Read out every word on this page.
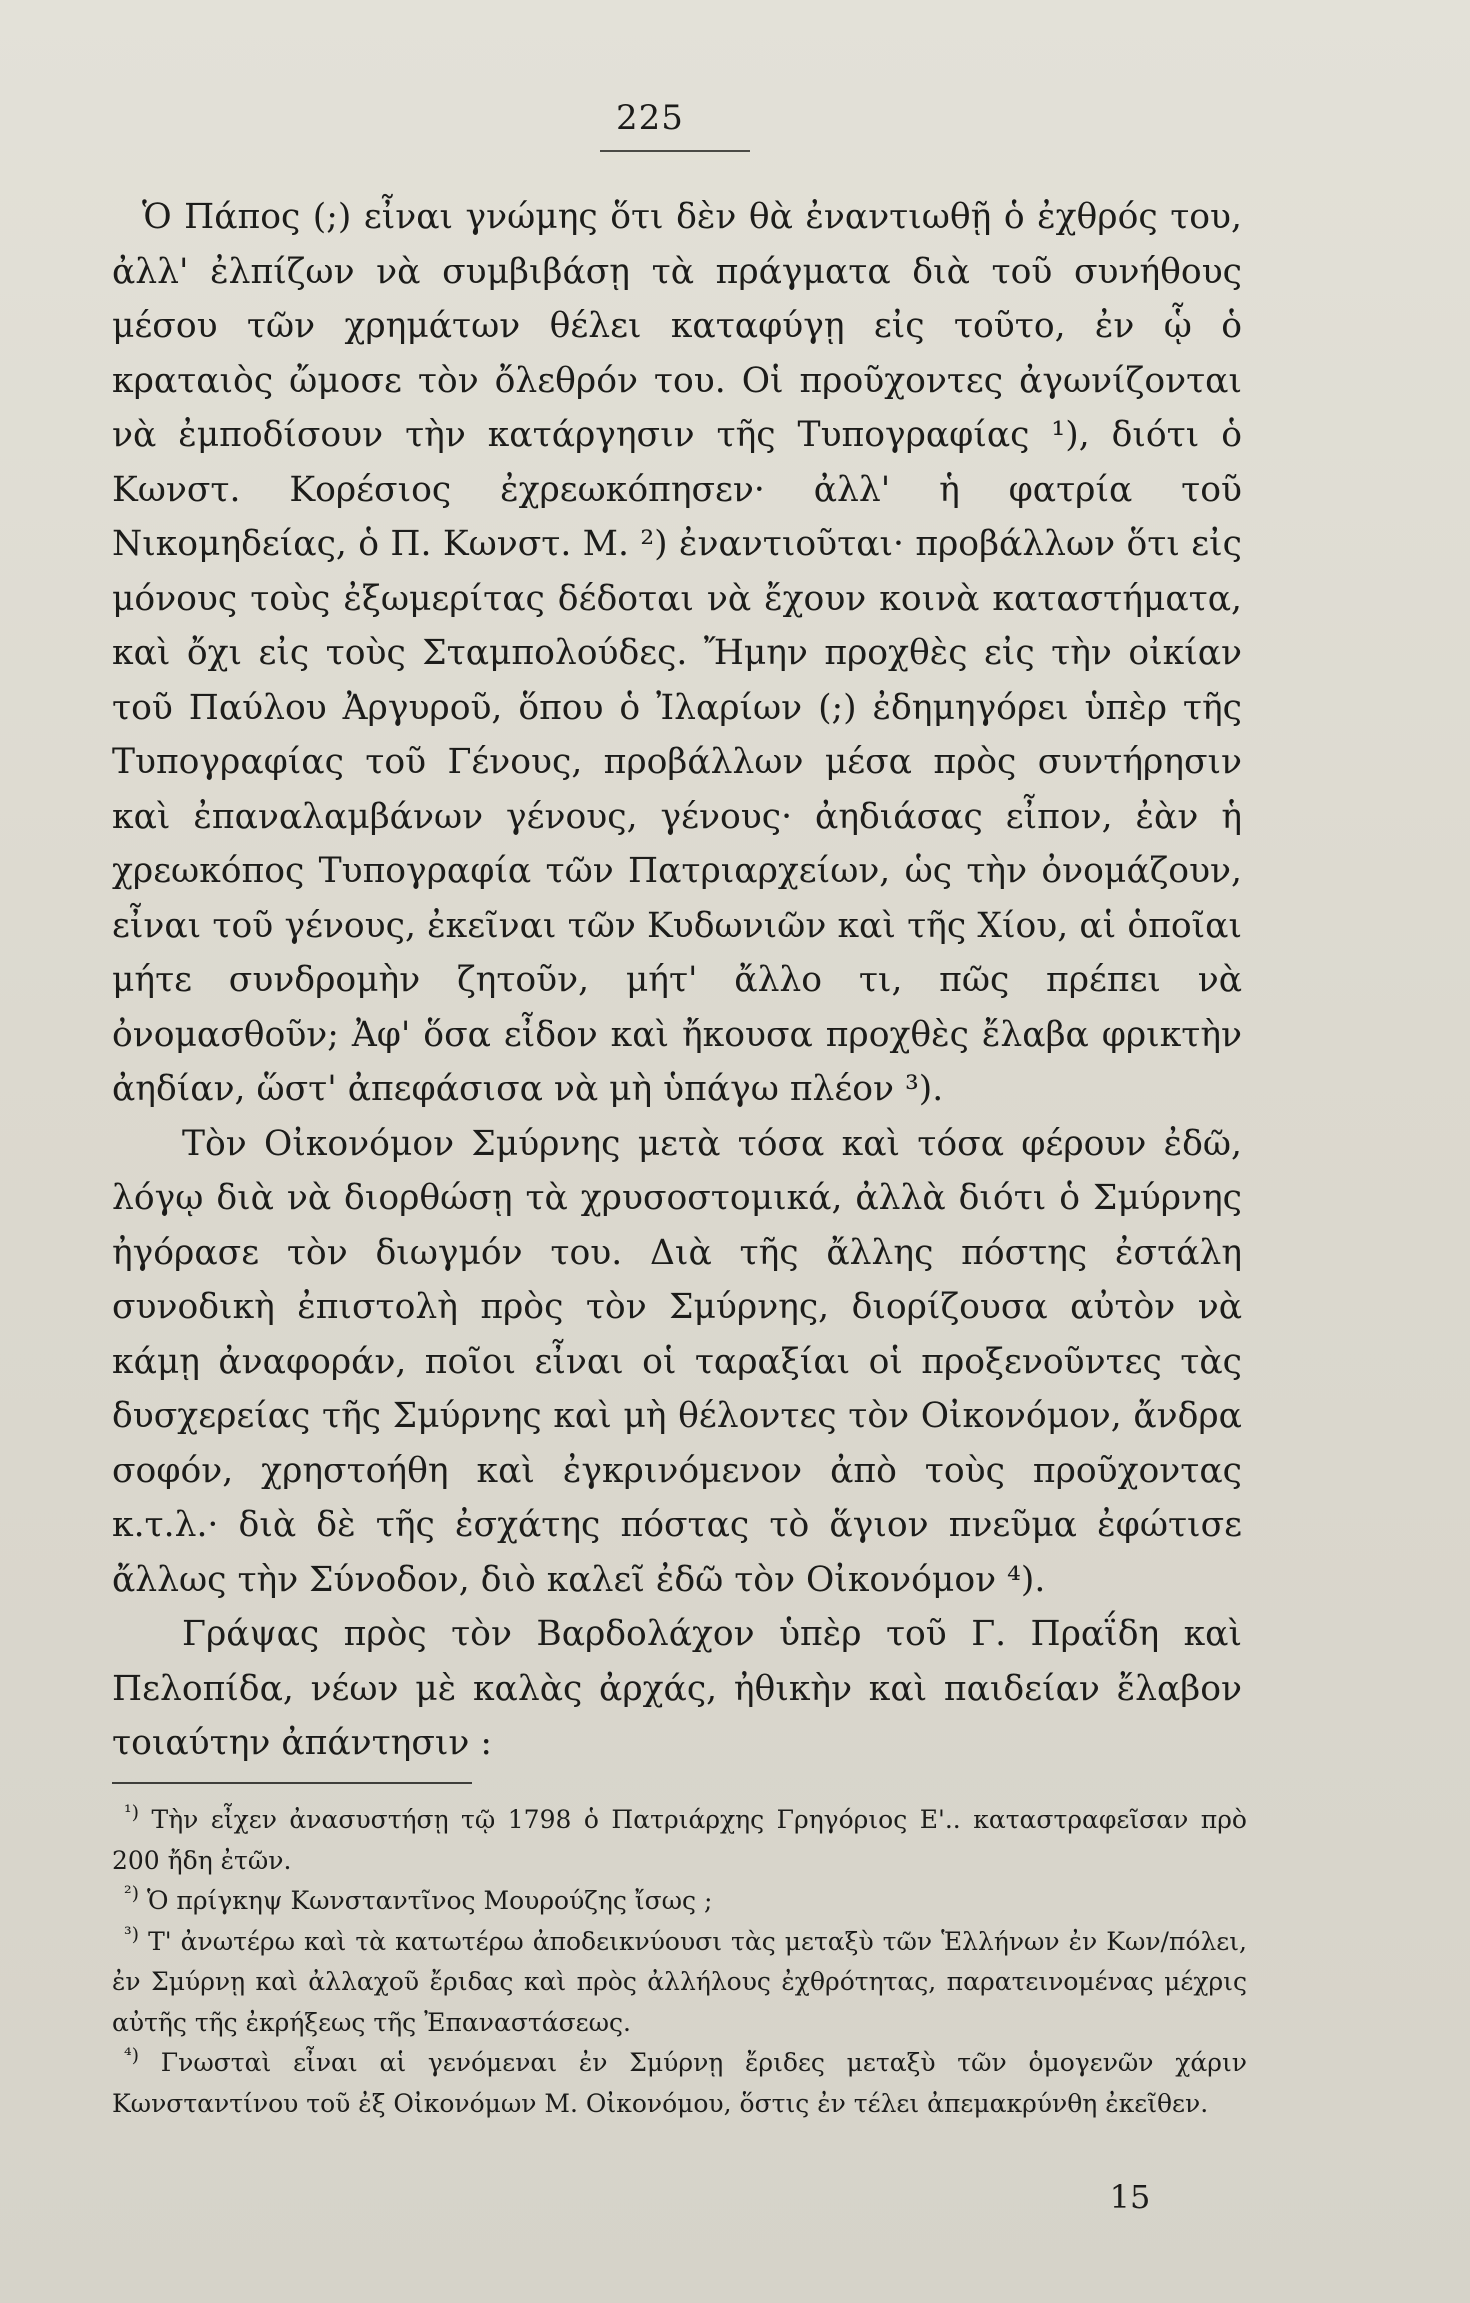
225

Ὁ Πάπος (;) εἶναι γνώμης ὅτι δὲν θὰ ἐναντιωθῇ ὁ ἐχθρός του, ἀλλ' ἐλπίζων νὰ συμβιβάσῃ τὰ πράγματα διὰ τοῦ συνήθους μέσου τῶν χρημάτων θέλει καταφύγῃ εἰς τοῦτο, ἐν ᾧ ὁ κραταιὸς ὤμοσε τὸν ὄλεθρόν του. Οἱ προῦχοντες ἀγωνίζονται νὰ ἐμποδίσουν τὴν κατάργησιν τῆς Τυπογραφίας ¹), διότι ὁ Κωνστ. Κορέσιος ἐχρεωκόπησεν· ἀλλ' ἡ φατρία τοῦ Νικομηδείας, ὁ Π. Κωνστ. Μ. ²) ἐναντιοῦται· προβάλλων ὅτι εἰς μόνους τοὺς ἐξωμερίτας δέδοται νὰ ἔχουν κοινὰ καταστήματα, καὶ ὄχι εἰς τοὺς Σταμπολούδες. Ἤμην προχθὲς εἰς τὴν οἰκίαν τοῦ Παύλου Ἀργυροῦ, ὅπου ὁ Ἰλαρίων (;) ἐδημηγόρει ὑπὲρ τῆς Τυπογραφίας τοῦ Γένους, προβάλλων μέσα πρὸς συντήρησιν καὶ ἐπαναλαμβάνων γένους, γένους· ἀηδιάσας εἶπον, ἐὰν ἡ χρεωκόπος Τυπογραφία τῶν Πατριαρχείων, ὡς τὴν ὀνομάζουν, εἶναι τοῦ γένους, ἐκεῖναι τῶν Κυδωνιῶν καὶ τῆς Χίου, αἱ ὁποῖαι μήτε συνδρομὴν ζητοῦν, μήτ' ἄλλο τι, πῶς πρέπει νὰ ὀνομασθοῦν; Ἀφ' ὅσα εἶδον καὶ ἤκουσα προχθὲς ἔλαβα φρικτὴν ἀηδίαν, ὥστ' ἀπεφάσισα νὰ μὴ ὑπάγω πλέον ³).

Τὸν Οἰκονόμον Σμύρνης μετὰ τόσα καὶ τόσα φέρουν ἐδῶ, λόγῳ διὰ νὰ διορθώσῃ τὰ χρυσοστομικά, ἀλλὰ διότι ὁ Σμύρνης ἠγόρασε τὸν διωγμόν του. Διὰ τῆς ἄλλης πόστης ἐστάλη συνοδικὴ ἐπιστολὴ πρὸς τὸν Σμύρνης, διορίζουσα αὐτὸν νὰ κάμῃ ἀναφοράν, ποῖοι εἶναι οἱ ταραξίαι οἱ προξενοῦντες τὰς δυσχερείας τῆς Σμύρνης καὶ μὴ θέλοντες τὸν Οἰκονόμον, ἄνδρα σοφόν, χρηστοήθη καὶ ἐγκρινόμενον ἀπὸ τοὺς προῦχοντας κ.τ.λ.· διὰ δὲ τῆς ἐσχάτης πόστας τὸ ἅγιον πνεῦμα ἐφώτισε ἄλλως τὴν Σύνοδον, διὸ καλεῖ ἐδῶ τὸν Οἰκονόμον ⁴).

Γράψας πρὸς τὸν Βαρδολάχον ὑπὲρ τοῦ Γ. Πραΐδη καὶ Πελοπίδα, νέων μὲ καλὰς ἀρχάς, ἠθικὴν καὶ παιδείαν ἔλαβον τοιαύτην ἀπάντησιν :

$^{^1)}$ Τὴν εἶχεν ἀνασυστήσῃ τῷ 1798 ὁ Πατριάρχης Γρηγόριος Ε'.. καταστραφεῖσαν πρὸ 200 ἤδη ἐτῶν.

$^{^2)}$ Ὁ πρίγκηψ Κωνσταντῖνος Μουρούζης ἴσως ;

$^{^3)}$ Τ' ἀνωτέρω καὶ τὰ κατωτέρω ἀποδεικνύουσι τὰς μεταξὺ τῶν Ἑλλήνων ἐν Κων/πόλει, ἐν Σμύρνῃ καὶ ἀλλαχοῦ ἔριδας καὶ πρὸς ἀλλήλους ἐχθρότητας, παρατεινομένας μέχρις αὐτῆς τῆς ἐκρήξεως τῆς Ἐπαναστάσεως.

$^{^4)}$ Γνωσταὶ εἶναι αἱ γενόμεναι ἐν Σμύρνῃ ἔριδες μεταξὺ τῶν ὁμογενῶν χάριν Κωνσταντίνου τοῦ ἐξ Οἰκονόμων Μ. Οἰκονόμου, ὅστις ἐν τέλει ἀπεμακρύνθη ἐκεῖθεν.

15
